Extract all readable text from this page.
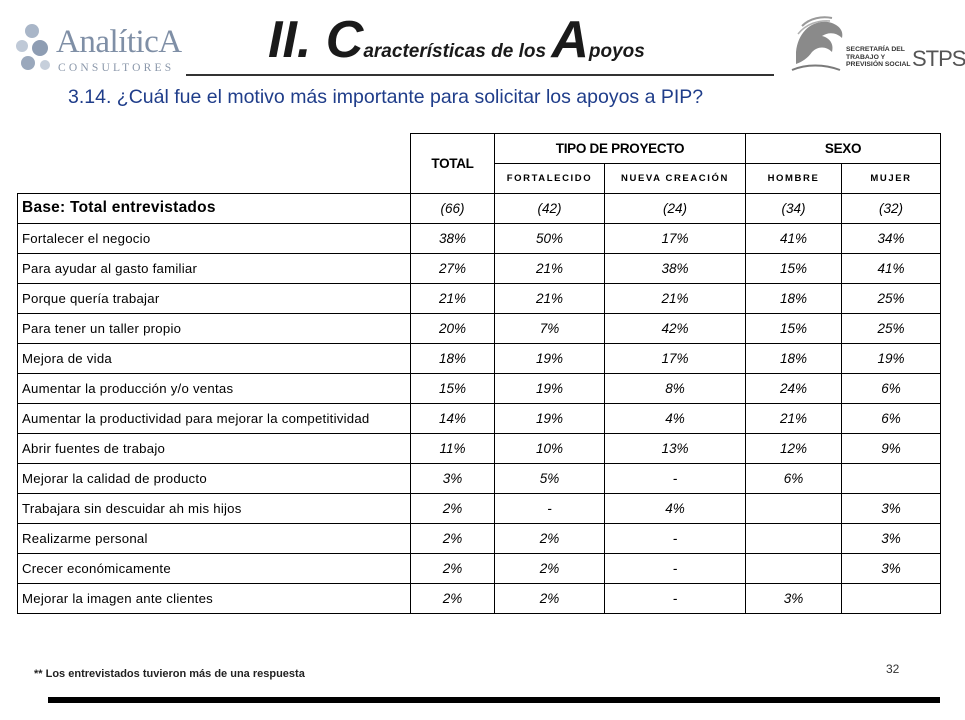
AnalíticA
CONSULTORES II. Características de los Apoyos
3.14. ¿Cuál fue el motivo más importante para solicitar los apoyos a PIP?
SECRETARÍA DEL
TRABAJO Y
PREVISIÓN SOCIAL STPS
	TOTAL	TIPO DE PROYECTO		SEXO	
		FORTALECIDO	NUEVA CREACIÓN	HOMBRE	MUJER
Base: Total entrevistados	(66)	(42)	(24)	(34)	(32)
Fortalecer el negocio	38%	50%	17%	41%	34%
Para ayudar al gasto familiar	27%	21%	38%	15%	41%
Porque quería trabajar	21%	21%	21%	18%	25%
Para tener un taller propio	20%	7%	42%	15%	25%
Mejora de vida	18%	19%	17%	18%	19%
Aumentar la producción y/o ventas	15%	19%	8%	24%	6%
Aumentar la productividad para mejorar la competitividad	14%	19%	4%	21%	6%
Abrir fuentes de trabajo	11%	10%	13%	12%	9%
Mejorar la calidad de producto	3%	5%	-	6%	
Trabajara sin descuidar ah mis hijos	2%	-	4%		3%
Realizarme personal	2%	2%	-		3%
Crecer económicamente	2%	2%	-		3%
Mejorar la imagen ante clientes	2%	2%	-	3%	
** Los entrevistados tuvieron más de una respuesta	32
